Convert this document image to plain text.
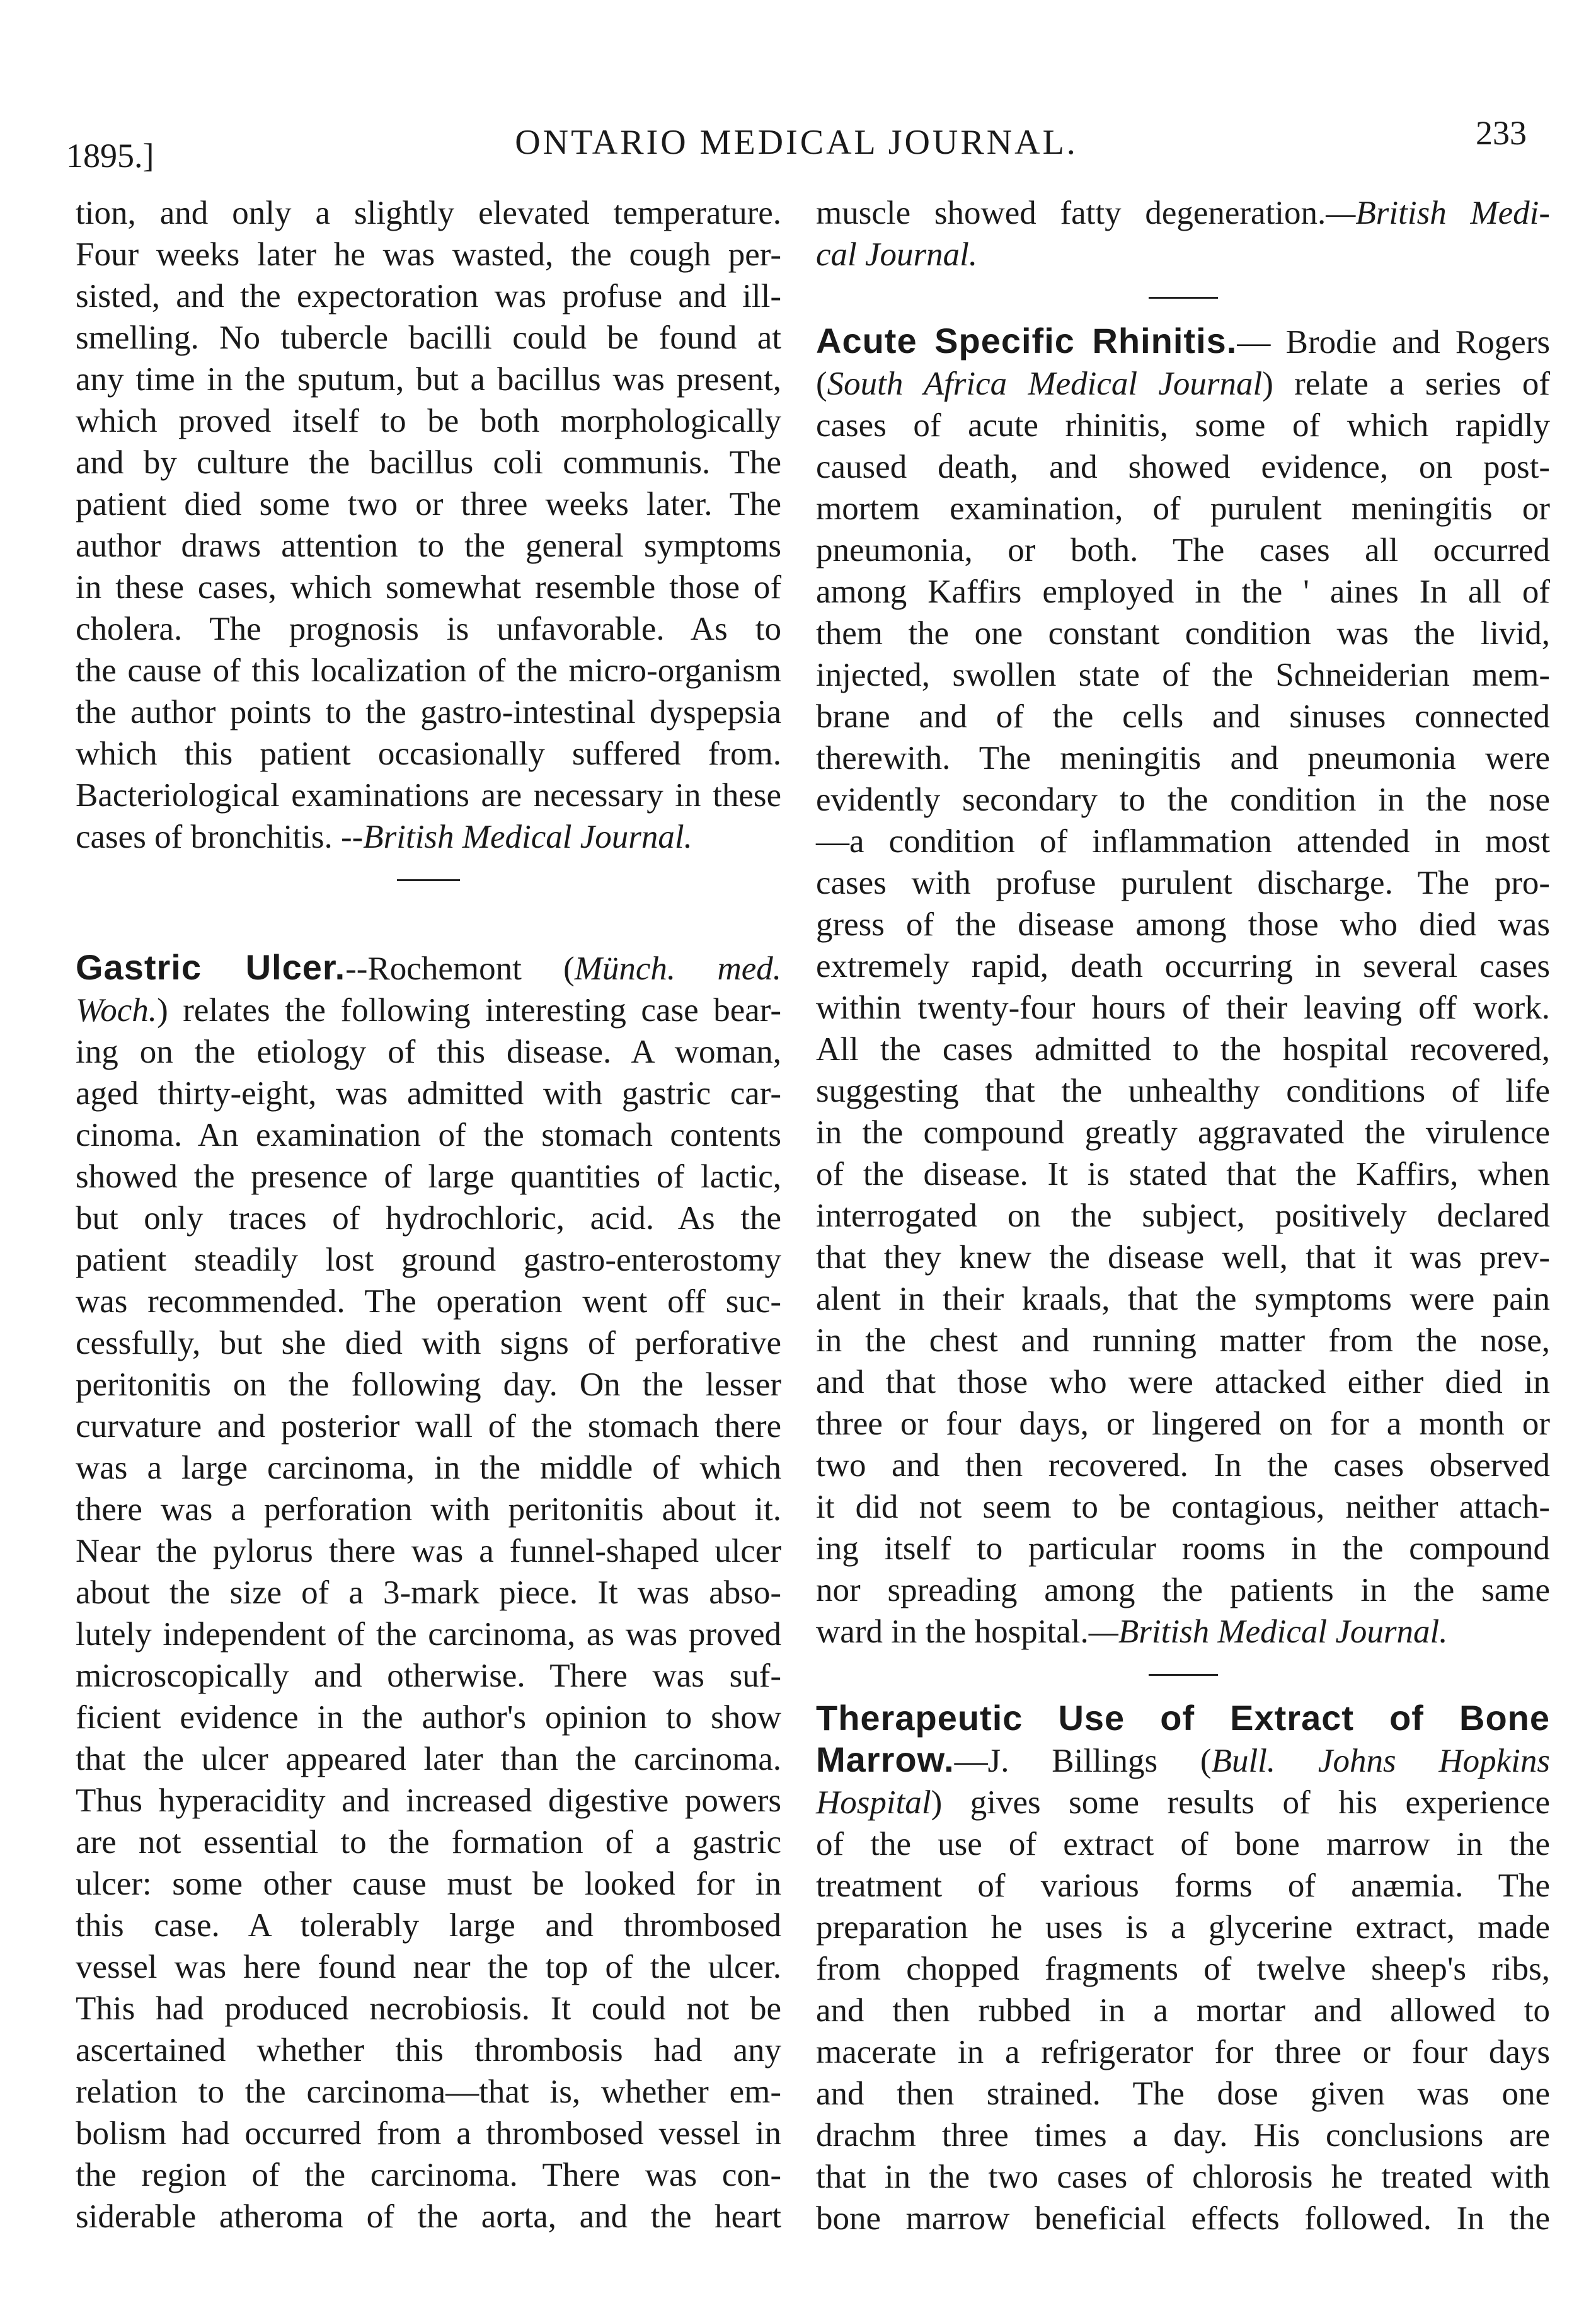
1895.]	ONTARIO MEDICAL JOURNAL.	233
tion, and only a slightly elevated temperature.
Four weeks later he was wasted, the cough per-
sisted, and the expectoration was profuse and ill-
smelling. No tubercle bacilli could be found at
any time in the sputum, but a bacillus was present,
which proved itself to be both morphologically
and by culture the bacillus coli communis. The
patient died some two or three weeks later. The
author draws attention to the general symptoms
in these cases, which somewhat resemble those of
cholera. The prognosis is unfavorable. As to
the cause of this localization of the micro-organism
the author points to the gastro-intestinal dyspepsia
which this patient occasionally suffered from.
Bacteriological examinations are necessary in these
cases of bronchitis. --British Medical Journal.
Gastric Ulcer.--Rochemont (Münch. med.
Woch.) relates the following interesting case bear-
ing on the etiology of this disease. A woman,
aged thirty-eight, was admitted with gastric car-
cinoma. An examination of the stomach contents
showed the presence of large quantities of lactic,
but only traces of hydrochloric, acid. As the
patient steadily lost ground gastro-enterostomy
was recommended. The operation went off suc-
cessfully, but she died with signs of perforative
peritonitis on the following day. On the lesser
curvature and posterior wall of the stomach there
was a large carcinoma, in the middle of which
there was a perforation with peritonitis about it.
Near the pylorus there was a funnel-shaped ulcer
about the size of a 3-mark piece. It was abso-
lutely independent of the carcinoma, as was proved
microscopically and otherwise. There was suf-
ficient evidence in the author's opinion to show
that the ulcer appeared later than the carcinoma.
Thus hyperacidity and increased digestive powers
are not essential to the formation of a gastric
ulcer: some other cause must be looked for in
this case. A tolerably large and thrombosed
vessel was here found near the top of the ulcer.
This had produced necrobiosis. It could not be
ascertained whether this thrombosis had any
relation to the carcinoma—that is, whether em-
bolism had occurred from a thrombosed vessel in
the region of the carcinoma. There was con-
siderable atheroma of the aorta, and the heart
muscle showed fatty degeneration.—British Medi-
cal Journal.
Acute Specific Rhinitis.— Brodie and Rogers
(South Africa Medical Journal) relate a series of
cases of acute rhinitis, some of which rapidly
caused death, and showed evidence, on post-
mortem examination, of purulent meningitis or
pneumonia, or both. The cases all occurred
among Kaffirs employed in the ' aines In all of
them the one constant condition was the livid,
injected, swollen state of the Schneiderian mem-
brane and of the cells and sinuses connected
therewith. The meningitis and pneumonia were
evidently secondary to the condition in the nose
—a condition of inflammation attended in most
cases with profuse purulent discharge. The pro-
gress of the disease among those who died was
extremely rapid, death occurring in several cases
within twenty-four hours of their leaving off work.
All the cases admitted to the hospital recovered,
suggesting that the unhealthy conditions of life
in the compound greatly aggravated the virulence
of the disease. It is stated that the Kaffirs, when
interrogated on the subject, positively declared
that they knew the disease well, that it was prev-
alent in their kraals, that the symptoms were pain
in the chest and running matter from the nose,
and that those who were attacked either died in
three or four days, or lingered on for a month or
two and then recovered. In the cases observed
it did not seem to be contagious, neither attach-
ing itself to particular rooms in the compound
nor spreading among the patients in the same
ward in the hospital.—British Medical Journal.
Therapeutic Use of Extract of Bone
Marrow.—J. Billings (Bull. Johns Hopkins
Hospital) gives some results of his experience
of the use of extract of bone marrow in the
treatment of various forms of anæmia. The
preparation he uses is a glycerine extract, made
from chopped fragments of twelve sheep's ribs,
and then rubbed in a mortar and allowed to
macerate in a refrigerator for three or four days
and then strained. The dose given was one
drachm three times a day. His conclusions are
that in the two cases of chlorosis he treated with
bone marrow beneficial effects followed. In the
